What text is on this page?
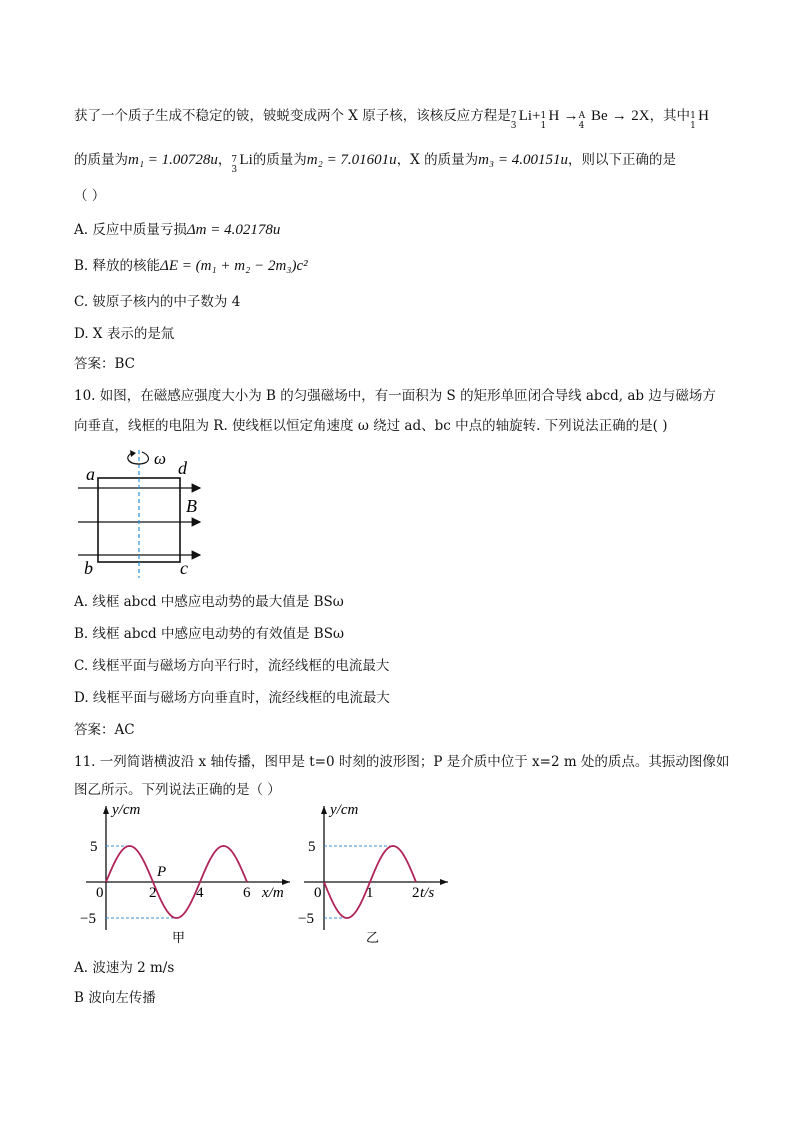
获了一个质子生成不稳定的铍，铍蜕变成两个 X 原子核，该核反应方程是 7
3
Li+ 1
1
H → A
4
Be → 2X，其中 1
1
H
的质量为m₁ = 1.00728u， 7
3
Li的质量为m₂ = 7.01601u，X 的质量为m₃ = 4.00151u，则以下正确的是
（ ）
A. 反应中质量亏损Δm = 4.02178u
B. 释放的核能ΔE = (m₁ + m₂ − 2m₃)c²
C. 铍原子核内的中子数为 4
D. X 表示的是氚
答案：BC
10. 如图，在磁感应强度大小为 B 的匀强磁场中，有一面积为 S 的矩形单匝闭合导线 abcd, ab 边与磁场方
向垂直，线框的电阻为 R. 使线框以恒定角速度 ω 绕过 ad、bc 中点的轴旋转. 下列说法正确的是( )
ω
a	d
B
b	c
A. 线框 abcd 中感应电动势的最大值是 BSω
B. 线框 abcd 中感应电动势的有效值是 BSω
C. 线框平面与磁场方向平行时，流经线框的电流最大
D. 线框平面与磁场方向垂直时，流经线框的电流最大
答案：AC
11. 一列简谐横波沿 x 轴传播，图甲是 t=0 时刻的波形图；P 是介质中位于 x=2 m 处的质点。其振动图像如
图乙所示。下列说法正确的是（ ）
0	2	4	6
5
−5
y/cm
x/m
P
甲
0	1	2
5
−5
y/cm
t/s
乙
A. 波速为 2 m/s
B 波向左传播
